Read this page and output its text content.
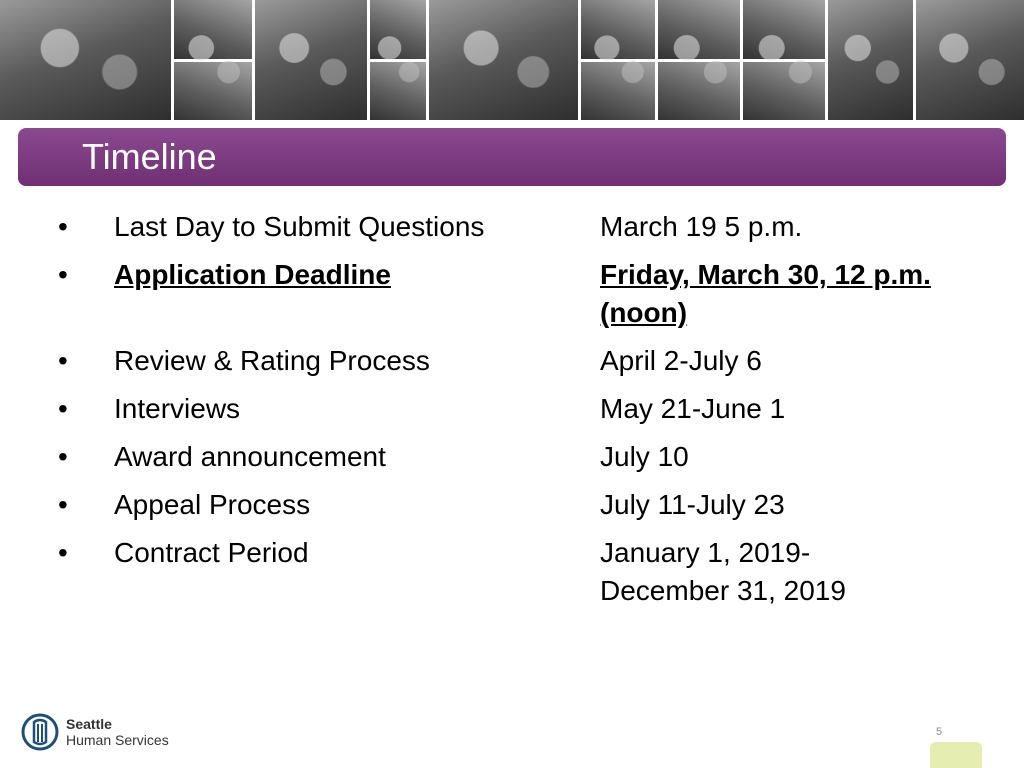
Timeline
• Last Day to Submit Questions	March 19 5 p.m.
• Application Deadline	Friday, March 30, 12 p.m. (noon)
• Review & Rating Process	April 2-July 6
• Interviews	May 21-June 1
• Award announcement	July 10
• Appeal Process	July 11-July 23
• Contract Period	January 1, 2019-December 31, 2019
Seattle
Human Services	5
